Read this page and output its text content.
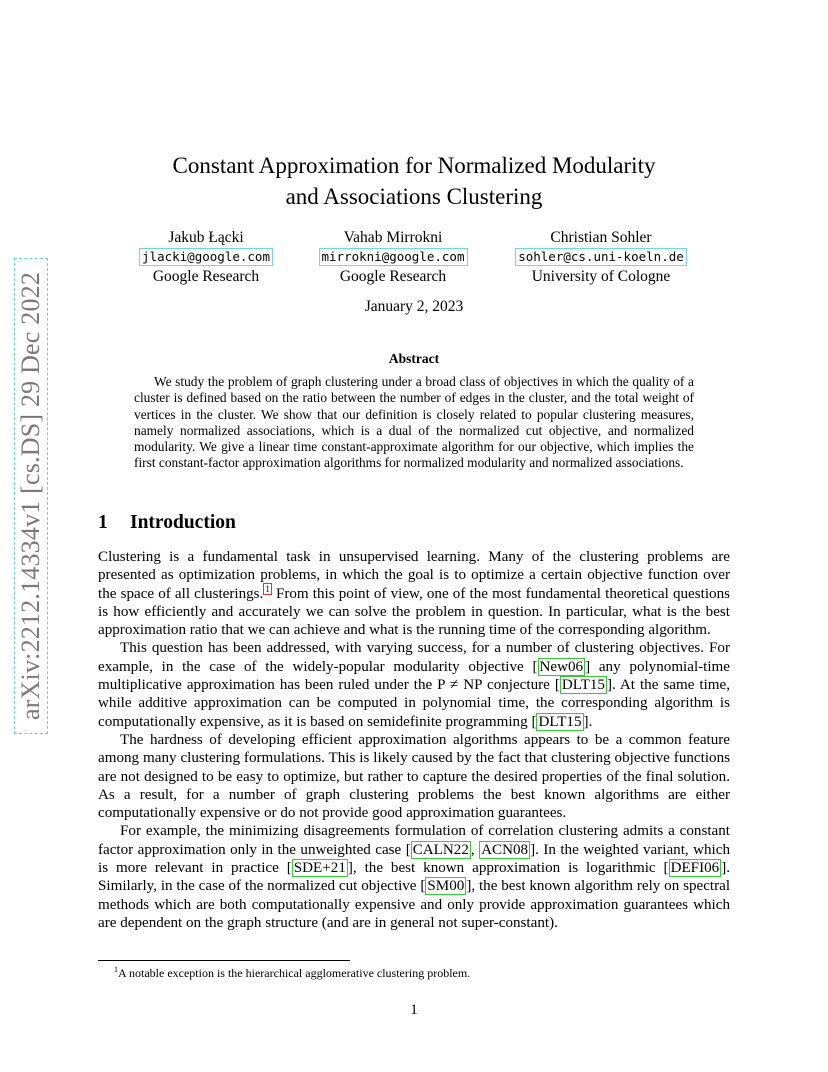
arXiv:2212.14334v1 [cs.DS] 29 Dec 2022
Constant Approximation for Normalized Modularity
and Associations Clustering
Jakub Łącki
jlacki@google.com
Google Research
Vahab Mirrokni
mirrokni@google.com
Google Research
Christian Sohler
sohler@cs.uni-koeln.de
University of Cologne
January 2, 2023
Abstract
We study the problem of graph clustering under a broad class of objectives in which the quality of a cluster is defined based on the ratio between the number of edges in the cluster, and the total weight of vertices in the cluster. We show that our definition is closely related to popular clustering measures, namely normalized associations, which is a dual of the normalized cut objective, and normalized modularity. We give a linear time constant-approximate algorithm for our objective, which implies the first constant-factor approximation algorithms for normalized modularity and normalized associations.
1 Introduction

Clustering is a fundamental task in unsupervised learning. Many of the clustering problems are presented as optimization problems, in which the goal is to optimize a certain objective function over the space of all clusterings. $^1$ From this point of view, one of the most fundamental theoretical questions is how efficiently and accurately we can solve the problem in question. In particular, what is the best approximation ratio that we can achieve and what is the running time of the corresponding algorithm.

This question has been addressed, with varying success, for a number of clustering objectives. For example, in the case of the widely-popular modularity objective [ New06 ] any polynomial-time multiplicative approximation has been ruled under the P ≠ NP conjecture [ DLT15 ]. At the same time, while additive approximation can be computed in polynomial time, the corresponding algorithm is computationally expensive, as it is based on semidefinite programming [ DLT15 ].

The hardness of developing efficient approximation algorithms appears to be a common feature among many clustering formulations. This is likely caused by the fact that clustering objective functions are not designed to be easy to optimize, but rather to capture the desired properties of the final solution. As a result, for a number of graph clustering problems the best known algorithms are either computationally expensive or do not provide good approximation guarantees.

For example, the minimizing disagreements formulation of correlation clustering admits a constant factor approximation only in the unweighted case [ CALN22 , ACN08 ]. In the weighted variant, which is more relevant in practice [ SDE+21 ], the best known approximation is logarithmic [ DEFI06 ]. Similarly, in the case of the normalized cut objective [ SM00 ], the best known algorithm rely on spectral methods which are both computationally expensive and only provide approximation guarantees which are dependent on the graph structure (and are in general not super-constant).

$^1$A notable exception is the hierarchical agglomerative clustering problem.
1
